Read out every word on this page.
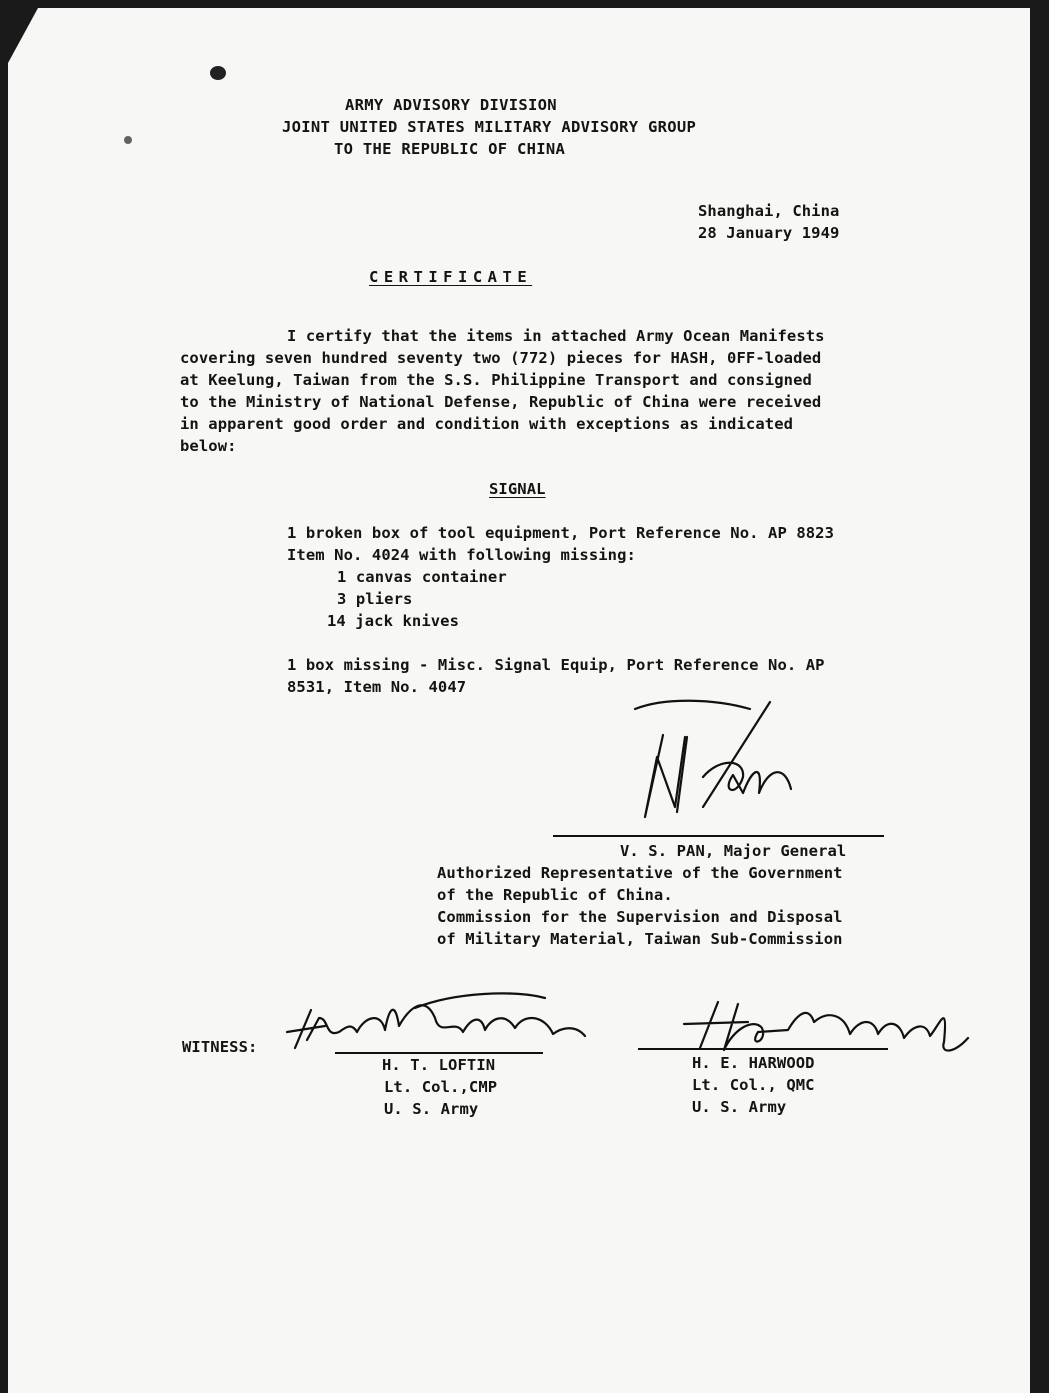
ARMY ADVISORY DIVISION
JOINT UNITED STATES MILITARY ADVISORY GROUP
TO THE REPUBLIC OF CHINA
Shanghai, China
28 January 1949
CERTIFICATE
I certify that the items in attached Army Ocean Manifests
covering seven hundred seventy two (772) pieces for HASH, 0FF-loaded
at Keelung, Taiwan from the S.S. Philippine Transport and consigned
to the Ministry of National Defense, Republic of China were received
in apparent good order and condition with exceptions as indicated
below:
SIGNAL
1 broken box of tool equipment, Port Reference No. AP 8823
Item No. 4024 with following missing:
1 canvas container
3 pliers
14 jack knives
1 box missing - Misc. Signal Equip, Port Reference No. AP
8531, Item No. 4047
V. S. PAN, Major General
Authorized Representative of the Government
of the Republic of China.
Commission for the Supervision and Disposal
of Military Material, Taiwan Sub-Commission
WITNESS:
H. T. LOFTIN
Lt. Col.,CMP
U. S. Army
H. E. HARWOOD
Lt. Col., QMC
U. S. Army
